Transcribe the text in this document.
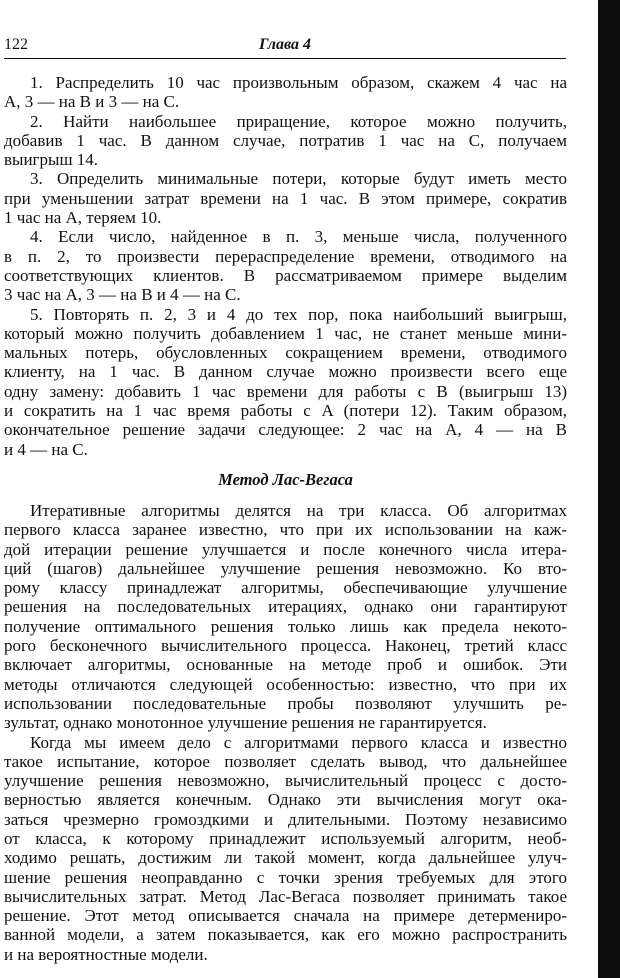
122	Глава 4
1. Распределить 10 час произвольным образом, скажем 4 час на
A, 3 — на B и 3 — на C.
2. Найти наибольшее приращение, которое можно получить,
добавив 1 час. В данном случае, потратив 1 час на C, получаем
выигрыш 14.
3. Определить минимальные потери, которые будут иметь место
при уменьшении затрат времени на 1 час. В этом примере, сократив
1 час на A, теряем 10.
4. Если число, найденное в п. 3, меньше числа, полученного
в п. 2, то произвести перераспределение времени, отводимого на
соответствующих клиентов. В рассматриваемом примере выделим
3 час на A, 3 — на B и 4 — на C.
5. Повторять п. 2, 3 и 4 до тех пор, пока наибольший выигрыш,
который можно получить добавлением 1 час, не станет меньше мини-
мальных потерь, обусловленных сокращением времени, отводимого
клиенту, на 1 час. В данном случае можно произвести всего еще
одну замену: добавить 1 час времени для работы с B (выигрыш 13)
и сократить на 1 час время работы с A (потери 12). Таким образом,
окончательное решение задачи следующее: 2 час на A, 4 — на B
и 4 — на C.
Метод Лас-Вегаса
Итеративные алгоритмы делятся на три класса. Об алгоритмах
первого класса заранее известно, что при их использовании на каж-
дой итерации решение улучшается и после конечного числа итера-
ций (шагов) дальнейшее улучшение решения невозможно. Ко вто-
рому классу принадлежат алгоритмы, обеспечивающие улучшение
решения на последовательных итерациях, однако они гарантируют
получение оптимального решения только лишь как предела некото-
рого бесконечного вычислительного процесса. Наконец, третий класс
включает алгоритмы, основанные на методе проб и ошибок. Эти
методы отличаются следующей особенностью: известно, что при их
использовании последовательные пробы позволяют улучшить ре-
зультат, однако монотонное улучшение решения не гарантируется.
Когда мы имеем дело с алгоритмами первого класса и известно
такое испытание, которое позволяет сделать вывод, что дальнейшее
улучшение решения невозможно, вычислительный процесс с досто-
верностью является конечным. Однако эти вычисления могут ока-
заться чрезмерно громоздкими и длительными. Поэтому независимо
от класса, к которому принадлежит используемый алгоритм, необ-
ходимо решать, достижим ли такой момент, когда дальнейшее улуч-
шение решения неоправданно с точки зрения требуемых для этого
вычислительных затрат. Метод Лас-Вегаса позволяет принимать такое
решение. Этот метод описывается сначала на примере детермениро-
ванной модели, а затем показывается, как его можно распространить
и на вероятностные модели.
